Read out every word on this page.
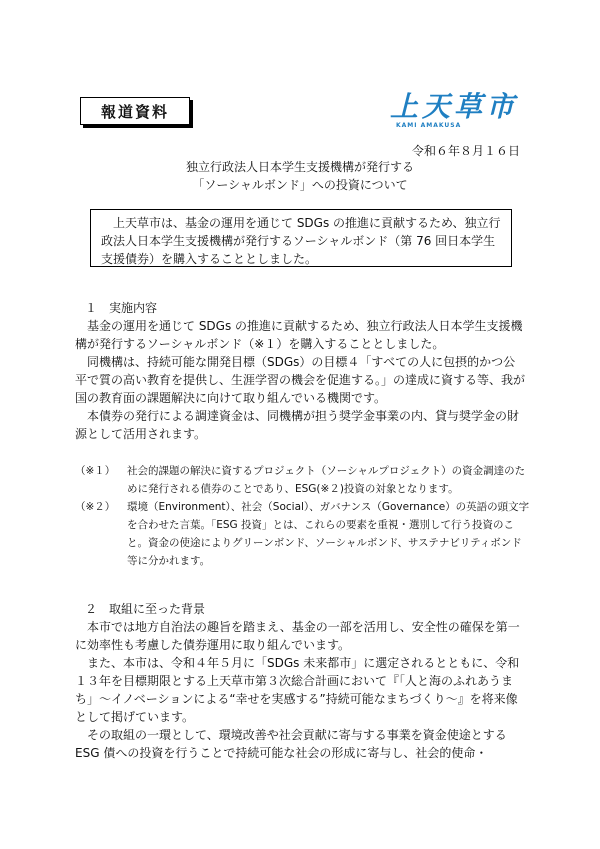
報道資料	上天草市
KAMI AMAKUSA
令和６年８月１６日
独立行政法人日本学生支援機構が発行する
「ソーシャルボンド」への投資について
上天草市は、基金の運用を通じて SDGs の推進に貢献するため、独立行政法人日本学生支援機構が発行するソーシャルボンド（第 76 回日本学生支援債券）を購入することとしました。

１　実施内容

基金の運用を通じて SDGs の推進に貢献するため、独立行政法人日本学生支援機構が発行するソーシャルボンド（※１）を購入することとしました。

同機構は、持続可能な開発目標（SDGs）の目標４「すべての人に包摂的かつ公平で質の高い教育を提供し、生涯学習の機会を促進する。」の達成に資する等、我が国の教育面の課題解決に向けて取り組んでいる機関です。

本債券の発行による調達資金は、同機構が担う奨学金事業の内、貸与奨学金の財源として活用されます。

（※１）	社会的課題の解決に資するプロジェクト（ソーシャルプロジェクト）の資金調達のために発行される債券のことであり、ESG(※２)投資の対象となります。
（※２）	環境（Environment）、社会（Social）、ガバナンス（Governance）の英語の頭文字を合わせた言葉。「ESG 投資」とは、これらの要素を重視・選別して行う投資のこと。資金の使途によりグリーンボンド、ソーシャルボンド、サステナビリティボンド等に分かれます。

２　取組に至った背景

本市では地方自治法の趣旨を踏まえ、基金の一部を活用し、安全性の確保を第一に効率性も考慮した債券運用に取り組んでいます。

また、本市は、令和４年５月に「SDGs 未来都市」に選定されるとともに、令和１３年を目標期限とする上天草市第３次総合計画において『「人と海のふれあうまち」～イノベーションによる“幸せを実感する”持続可能なまちづくり～』を将来像として掲げています。

その取組の一環として、環境改善や社会貢献に寄与する事業を資金使途とする ESG 債への投資を行うことで持続可能な社会の形成に寄与し、社会的使命・
